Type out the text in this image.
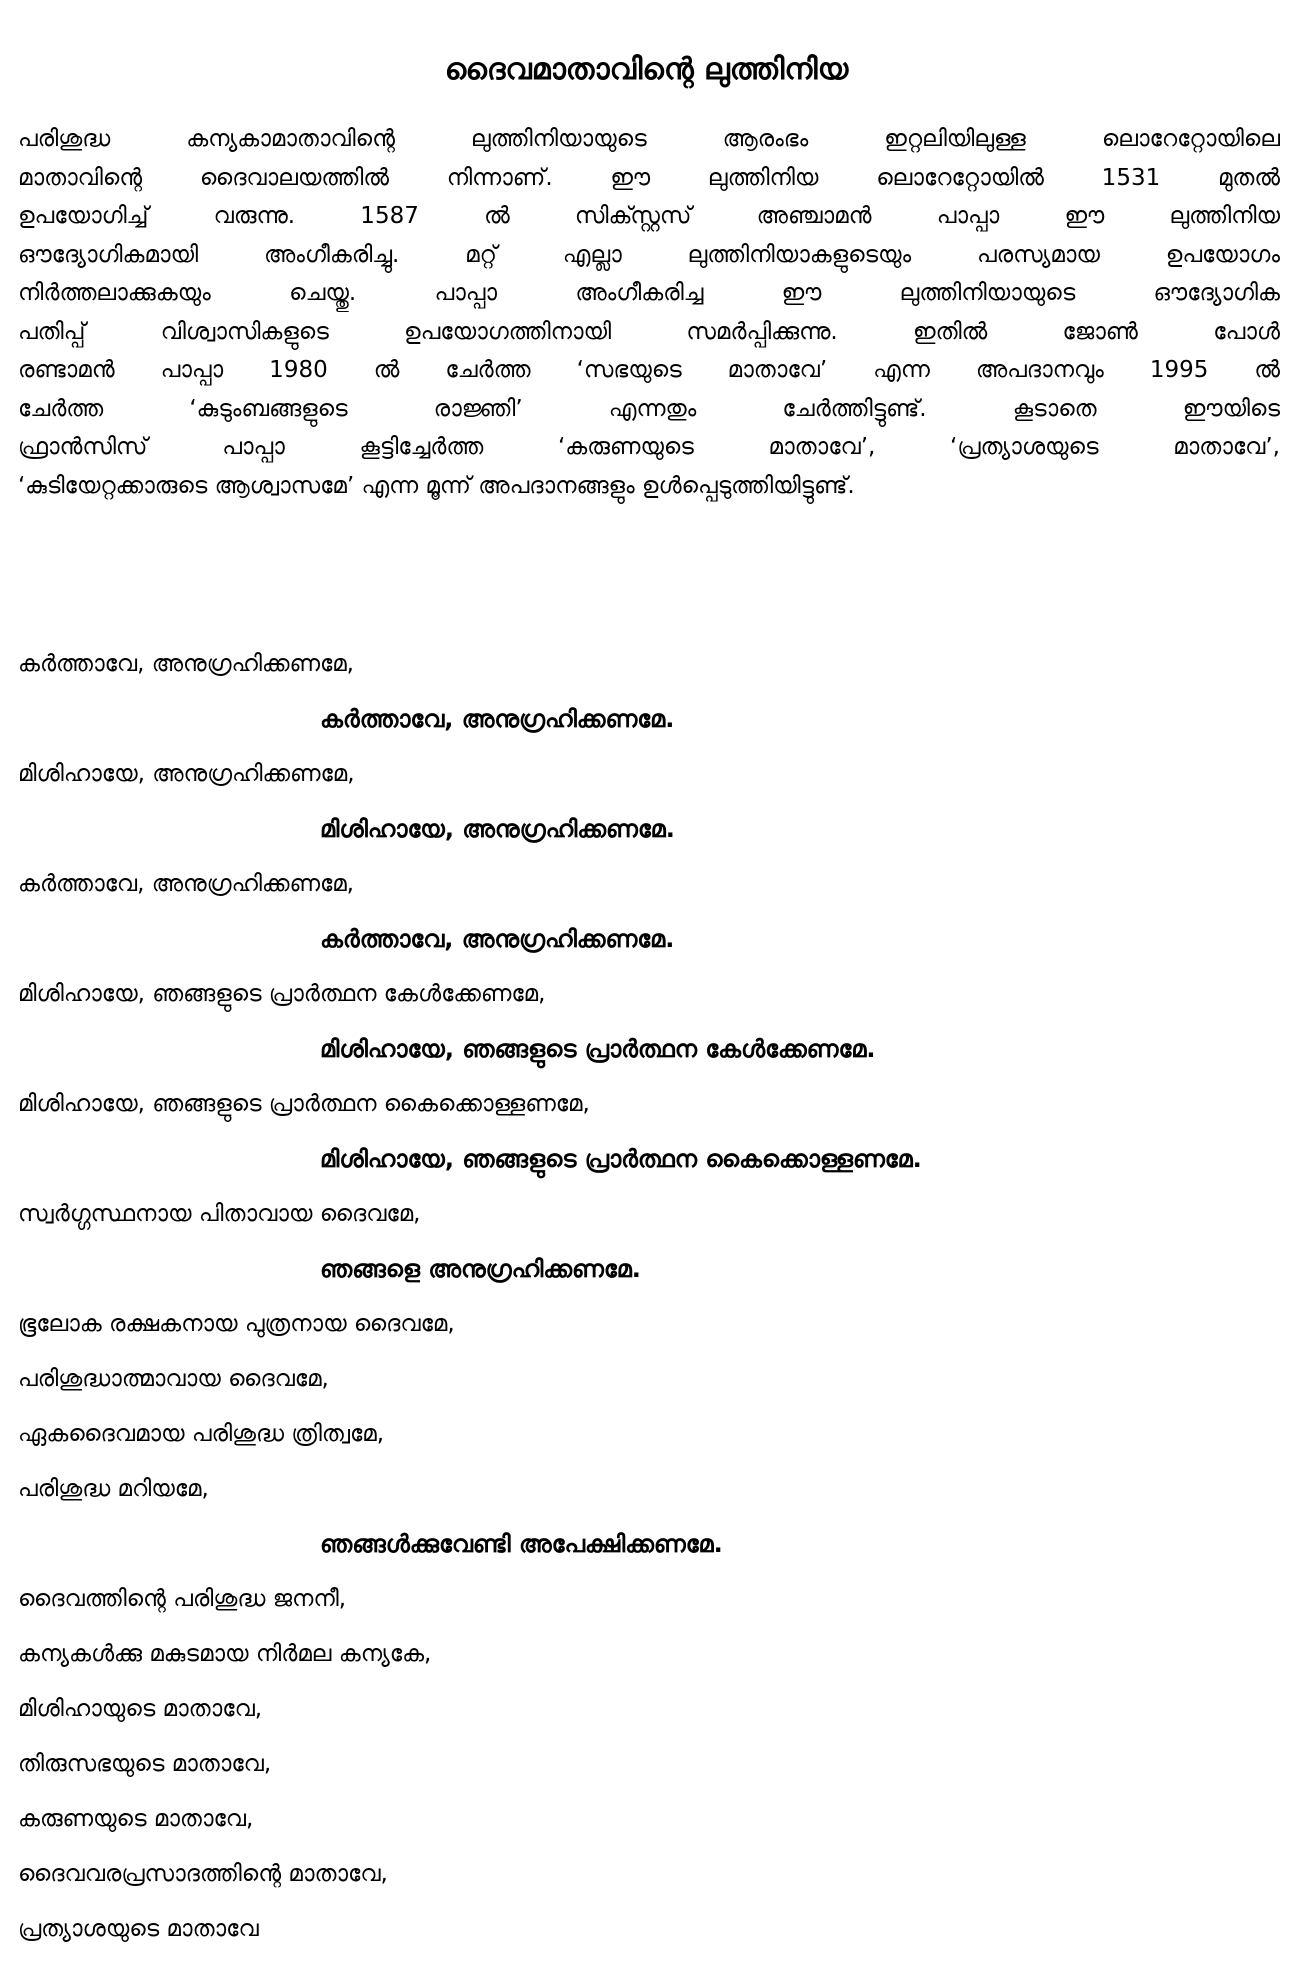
ദൈവമാതാവിന്റെ ലുത്തിനിയ
പരിശുദ്ധ കന്യകാമാതാവിന്റെ ലുത്തിനിയായുടെ ആരംഭം ഇറ്റലിയിലുള്ള ലൊറേറ്റോയിലെ
മാതാവിന്റെ ദൈവാലയത്തിൽ നിന്നാണ്. ഈ ലുത്തിനിയ ലൊറേറ്റോയിൽ 1531 മുതൽ
ഉപയോഗിച്ച് വരുന്നു. 1587 ൽ സിക്സ്റ്റസ് അഞ്ചാമൻ പാപ്പാ ഈ ലുത്തിനിയ
ഔദ്യോഗികമായി അംഗീകരിച്ചു. മറ്റ് എല്ലാ ലുത്തിനിയാകളുടെയും പരസ്യമായ ഉപയോഗം
നിർത്തലാക്കുകയും ചെയ്തു. പാപ്പാ അംഗീകരിച്ച ഈ ലുത്തിനിയായുടെ ഔദ്യോഗിക
പതിപ്പ് വിശ്വാസികളുടെ ഉപയോഗത്തിനായി സമർപ്പിക്കുന്നു. ഇതിൽ ജോൺ പോൾ
രണ്ടാമൻ പാപ്പാ 1980 ൽ ചേർത്ത ‘സഭയുടെ മാതാവേ’ എന്ന അപദാനവും 1995 ൽ
ചേർത്ത ‘കുടുംബങ്ങളുടെ രാജ്ഞി’ എന്നതും ചേർത്തിട്ടുണ്ട്. കൂടാതെ ഈയിടെ
ഫ്രാൻസിസ് പാപ്പാ കൂട്ടിച്ചേർത്ത ‘കരുണയുടെ മാതാവേ’, ‘പ്രത്യാശയുടെ മാതാവേ’,
‘കുടിയേറ്റക്കാരുടെ ആശ്വാസമേ’ എന്ന മൂന്ന് അപദാനങ്ങളും ഉൾപ്പെടുത്തിയിട്ടുണ്ട്.
കർത്താവേ, അനുഗ്രഹിക്കണമേ,
കർത്താവേ, അനുഗ്രഹിക്കണമേ.
മിശിഹായേ, അനുഗ്രഹിക്കണമേ,
മിശിഹായേ, അനുഗ്രഹിക്കണമേ.
കർത്താവേ, അനുഗ്രഹിക്കണമേ,
കർത്താവേ, അനുഗ്രഹിക്കണമേ.
മിശിഹായേ, ഞങ്ങളുടെ പ്രാർത്ഥന കേൾക്കേണമേ,
മിശിഹായേ, ഞങ്ങളുടെ പ്രാർത്ഥന കേൾക്കേണമേ.
മിശിഹായേ, ഞങ്ങളുടെ പ്രാർത്ഥന കൈക്കൊള്ളണമേ,
മിശിഹായേ, ഞങ്ങളുടെ പ്രാർത്ഥന കൈക്കൊള്ളണമേ.
സ്വർഗ്ഗസ്ഥനായ പിതാവായ ദൈവമേ,
ഞങ്ങളെ അനുഗ്രഹിക്കണമേ.
ഭൂലോക രക്ഷകനായ പുത്രനായ ദൈവമേ,
പരിശുദ്ധാത്മാവായ ദൈവമേ,
ഏകദൈവമായ പരിശുദ്ധ ത്രിത്വമേ,
പരിശുദ്ധ മറിയമേ,
ഞങ്ങൾക്കുവേണ്ടി അപേക്ഷിക്കണമേ.
ദൈവത്തിന്റെ പരിശുദ്ധ ജനനീ,
കന്യകൾക്കു മകുടമായ നിർമല കന്യകേ,
മിശിഹായുടെ മാതാവേ,
തിരുസഭയുടെ മാതാവേ,
കരുണയുടെ മാതാവേ,
ദൈവവരപ്രസാദത്തിന്റെ മാതാവേ,
പ്രത്യാശയുടെ മാതാവേ
